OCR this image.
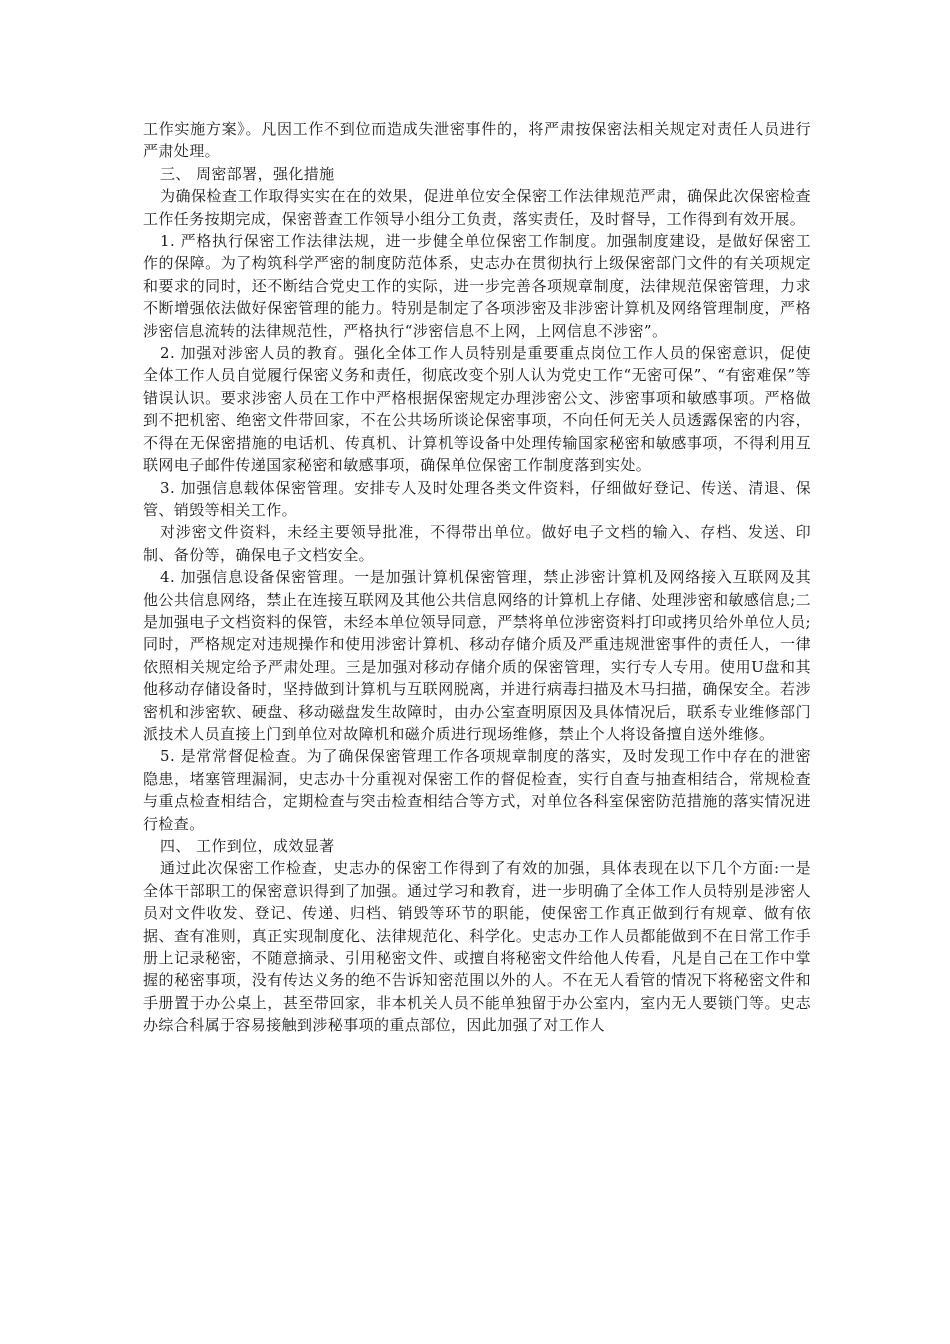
工作实施方案》。凡因工作不到位而造成失泄密事件的，将严肃按保密法相关规定对责任人员进行严肃处理。

三、 周密部署，强化措施

为确保检查工作取得实实在在的效果，促进单位安全保密工作法律规范严肃，确保此次保密检查工作任务按期完成，保密普查工作领导小组分工负责，落实责任，及时督导，工作得到有效开展。

1. 严格执行保密工作法律法规，进一步健全单位保密工作制度。加强制度建设，是做好保密工作的保障。为了构筑科学严密的制度防范体系，史志办在贯彻执行上级保密部门文件的有关项规定和要求的同时，还不断结合党史工作的实际，进一步完善各项规章制度，法律规范保密管理，力求不断增强依法做好保密管理的能力。特别是制定了各项涉密及非涉密计算机及网络管理制度，严格涉密信息流转的法律规范性，严格执行“涉密信息不上网，上网信息不涉密”。

2. 加强对涉密人员的教育。强化全体工作人员特别是重要重点岗位工作人员的保密意识，促使全体工作人员自觉履行保密义务和责任，彻底改变个别人认为党史工作“无密可保”、“有密难保”等错误认识。要求涉密人员在工作中严格根据保密规定办理涉密公文、涉密事项和敏感事项。严格做到不把机密、绝密文件带回家，不在公共场所谈论保密事项，不向任何无关人员透露保密的内容，不得在无保密措施的电话机、传真机、计算机等设备中处理传输国家秘密和敏感事项，不得利用互联网电子邮件传递国家秘密和敏感事项，确保单位保密工作制度落到实处。

3. 加强信息载体保密管理。安排专人及时处理各类文件资料，仔细做好登记、传送、清退、保管、销毁等相关工作。

对涉密文件资料，未经主要领导批准，不得带出单位。做好电子文档的输入、存档、发送、印制、备份等，确保电子文档安全。

4. 加强信息设备保密管理。一是加强计算机保密管理，禁止涉密计算机及网络接入互联网及其他公共信息网络，禁止在连接互联网及其他公共信息网络的计算机上存储、处理涉密和敏感信息;二是加强电子文档资料的保管，未经本单位领导同意，严禁将单位涉密资料打印或拷贝给外单位人员;同时，严格规定对违规操作和使用涉密计算机、移动存储介质及严重违规泄密事件的责任人，一律依照相关规定给予严肃处理。三是加强对移动存储介质的保密管理，实行专人专用。使用U盘和其他移动存储设备时，坚持做到计算机与互联网脱离，并进行病毒扫描及木马扫描，确保安全。若涉密机和涉密软、硬盘、移动磁盘发生故障时，由办公室查明原因及具体情况后，联系专业维修部门派技术人员直接上门到单位对故障机和磁介质进行现场维修，禁止个人将设备擅自送外维修。

5. 是常常督促检查。为了确保保密管理工作各项规章制度的落实，及时发现工作中存在的泄密隐患，堵塞管理漏洞，史志办十分重视对保密工作的督促检查，实行自查与抽查相结合，常规检查与重点检查相结合，定期检查与突击检查相结合等方式，对单位各科室保密防范措施的落实情况进行检查。

四、 工作到位，成效显著

通过此次保密工作检查，史志办的保密工作得到了有效的加强，具体表现在以下几个方面:一是全体干部职工的保密意识得到了加强。通过学习和教育，进一步明确了全体工作人员特别是涉密人员对文件收发、登记、传递、归档、销毁等环节的职能，使保密工作真正做到行有规章、做有依据、查有准则，真正实现制度化、法律规范化、科学化。史志办工作人员都能做到不在日常工作手册上记录秘密，不随意摘录、引用秘密文件、或擅自将秘密文件给他人传看，凡是自己在工作中掌握的秘密事项，没有传达义务的绝不告诉知密范围以外的人。不在无人看管的情况下将秘密文件和手册置于办公桌上，甚至带回家，非本机关人员不能单独留于办公室内，室内无人要锁门等。史志办综合科属于容易接触到涉秘事项的重点部位，因此加强了对工作人
